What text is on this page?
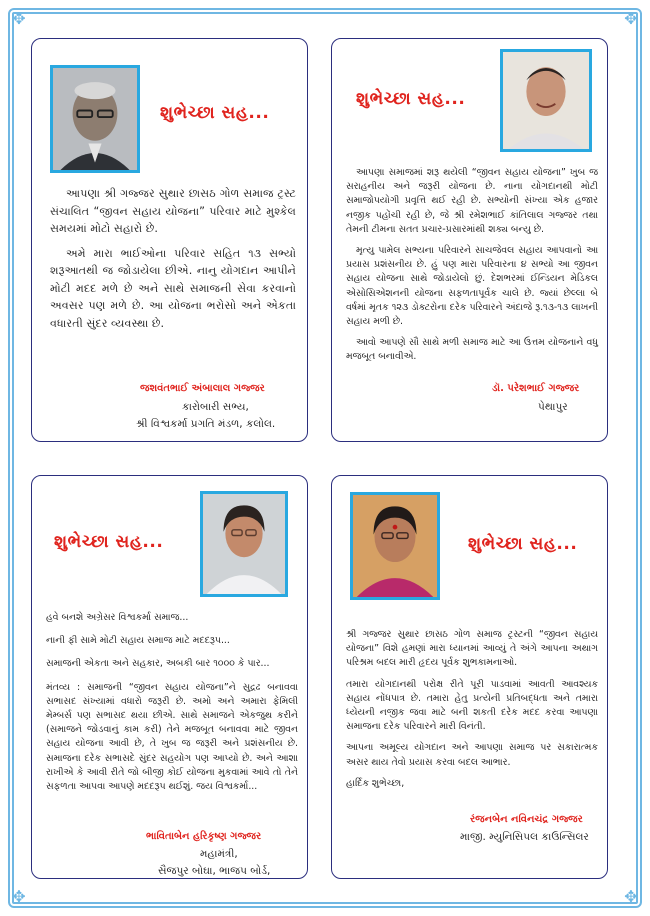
✥	✥
✥	✥
શુભેચ્છા સહ...

આપણા શ્રી ગજ્જર સુથાર છાસઠ ગોળ સમાજ ટ્રસ્ટ સંચાલિત “જીવન સહાય યોજના” પરિવાર માટે મુશ્કેલ સમયમાં મોટો સહારો છે.

અમે મારા ભાઈઓના પરિવાર સહિત ૧૩ સભ્યો શરૂઆતથી જ જોડાયેલા છીએ. નાનુ યોગદાન આપીને મોટી મદદ મળે છે અને સાથે સમાજની સેવા કરવાનો અવસર પણ મળે છે. આ યોજના ભરોસો અને એકતા વધારતી સુંદર વ્યવસ્થા છે.

જશવંતભાઈ અંબાલાલ ગજ્જર
કારોબારી સભ્ય,
શ્રી વિશ્વકર્મા પ્રગતિ મંડળ, કલોલ.
શુભેચ્છા સહ...

આપણા સમાજમાં શરૂ થયેલી “જીવન સહાય યોજના” ખુબ જ સરાહનીય અને જરૂરી યોજના છે. નાના યોગદાનથી મોટી સમાજોપયોગી પ્રવૃત્તિ થઈ રહી છે. સભ્યોની સંખ્યા એક હજાર નજીક પહોંચી રહી છે, જે શ્રી રમેશભાઈ કાંતિલાલ ગજ્જર તથા તેમની ટીમના સતત પ્રચાર-પ્રસારમાંથી શક્ય બન્યુ છે.

મૃત્યુ પામેલ સભ્યના પરિવારને સાચજેવલ સહાય આપવાનો આ પ્રયાસ પ્રશંસનીય છે. હું પણ મારા પરિવારના ૪ સભ્યો આ જીવન સહાય યોજના સાથે જોડાયેલો છું. દેશભરમાં ઈન્ડિયન મેડિકલ એસોસિએશનની યોજના સફળતાપૂર્વક ચાલે છે. જ્યાં છેલ્લા બે વર્ષમાં મૃતક ૧૨૩ ડોક્ટરોના દરેક પરિવારને અંદાજે રૂ.૧૩-૧૩ લાખની સહાય મળી છે.

આવો આપણે સૌ સાથે મળી સમાજ માટે આ ઉત્તમ યોજનાને વધુ મજબૂત બનાવીએ.

ડૉ. પરેશભાઈ ગજ્જર
પેથાપુર
શુભેચ્છા સહ...

હવે બનશે અગ્રેસર વિશ્વકર્મા સમાજ...

નાની ફી સામે મોટી સહાય સમાજ માટે મદદરૂપ...

સમાજની એકતા અને સહકાર, અબકી બાર ૧૦૦૦ કે પાર...

મંતવ્ય : સમાજની “જીવન સહાય યોજના”ને સુદ્રઢ બનાવવા સભાસદ સંખ્યામાં વધારો જરૂરી છે. અમો અને અમારા ફેમિલી મેમ્બર્સ પણ સભાસદ થયા છીએ. સાથે સમાજને એકજુથ કરીને (સમાજને જોડવાનું કામ કરી) તેને મજબૂત બનાવવા માટે જીવન સહાય યોજના આવી છે, તે ખુબ જ જરૂરી અને પ્રશંસનીય છે. સમાજના દરેક સભાસદે સુંદર સહયોગ પણ આપ્યો છે. અને આશા રાખીએ કે આવી રીતે જો બીજી કોઈ યોજના મુકવામાં આવે તો તેને સફળતા આપવા આપણે મદદરૂપ થઈશું. જય વિશ્વકર્મા...

ભાવિતાબેન હરિકૃષ્ણ ગજ્જર
મહામંત્રી,
સૈજપુર બોઘા, ભાજપ બોર્ડ,
શુભેચ્છા સહ...

શ્રી ગજ્જર સુથાર છાસઠ ગોળ સમાજ ટ્રસ્ટની “જીવન સહાય યોજના” વિશે હમણાં મારા ધ્યાનમાં આવ્યું તે અંગે આપના અથાગ પરિશ્રમ બદલ મારી હૃદય પૂર્વક શુભકામનાઓ.

તમારા યોગદાનથી પરોક્ષ રીતે પૂરી પાડવામાં આવતી આવશ્યક સહાય નોંધપાત્ર છે. તમારા હેતુ પ્રત્યેની પ્રતિબદ્ધતા અને તમારા ધ્યેયની નજીક જવા માટે બની શકતી દરેક મદદ કરવા આપણા સમાજના દરેક પરિવારને મારી વિનંતી.

આપના અમૂલ્ય યોગદાન અને આપણા સમાજ પર સકારાત્મક અસર થાય તેવો પ્રયાસ કરવા બદલ આભાર.

હાર્દિક શુભેચ્છા,

રંજનબેન નવિનચંદ્ર ગજ્જર
માજી. મ્યુનિસિપલ કાઉન્સિલર
